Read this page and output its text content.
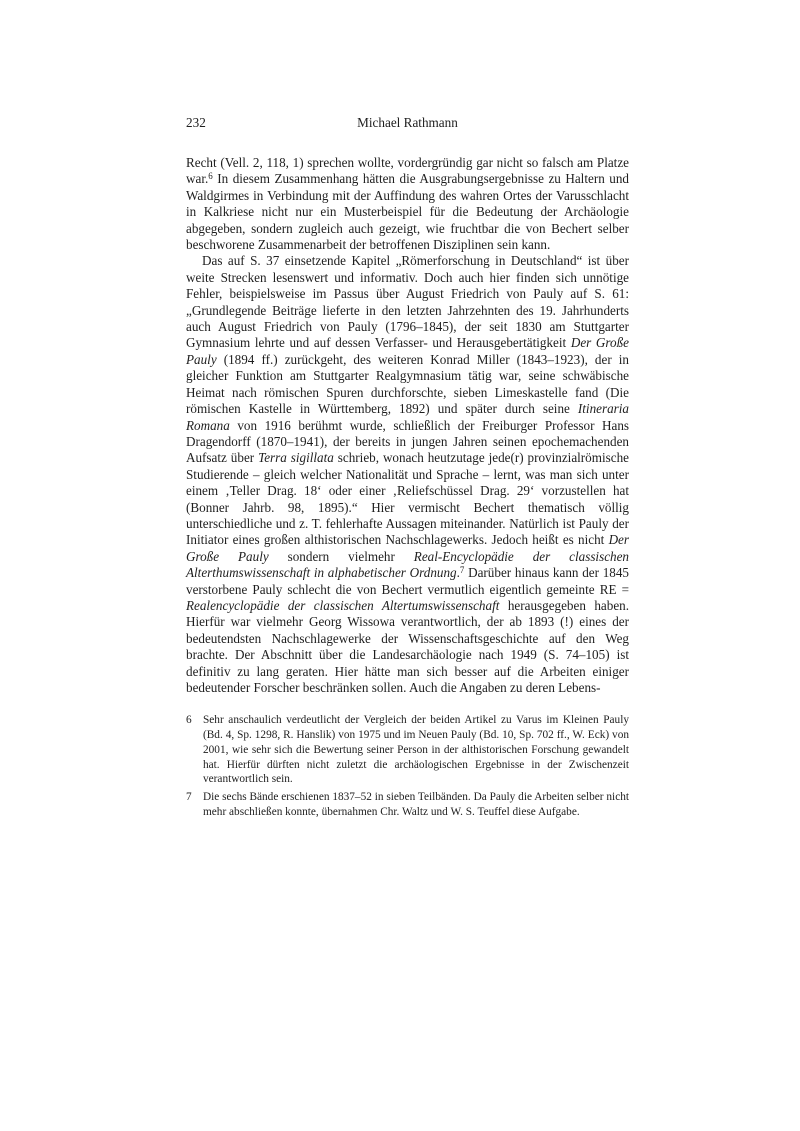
232	Michael Rathmann

Recht (Vell. 2, 118, 1) sprechen wollte, vordergründig gar nicht so falsch am Platze war.$^6$ In diesem Zusammenhang hätten die Ausgrabungsergebnisse zu Haltern und Waldgirmes in Verbindung mit der Auffindung des wahren Ortes der Varusschlacht in Kalkriese nicht nur ein Musterbeispiel für die Bedeutung der Archäologie abgegeben, sondern zugleich auch gezeigt, wie fruchtbar die von Bechert selber beschworene Zusammenarbeit der betroffenen Disziplinen sein kann.

Das auf S. 37 einsetzende Kapitel „Römerforschung in Deutschland“ ist über weite Strecken lesenswert und informativ. Doch auch hier finden sich unnötige Fehler, beispielsweise im Passus über August Friedrich von Pauly auf S. 61: „Grundlegende Beiträge lieferte in den letzten Jahrzehnten des 19. Jahrhunderts auch August Friedrich von Pauly (1796–1845), der seit 1830 am Stuttgarter Gymnasium lehrte und auf dessen Verfasser- und Herausgebertätigkeit Der Große Pauly (1894 ff.) zurückgeht, des weiteren Konrad Miller (1843–1923), der in gleicher Funktion am Stuttgarter Realgymnasium tätig war, seine schwäbische Heimat nach römischen Spuren durchforschte, sieben Limeskastelle fand (Die römischen Kastelle in Württemberg, 1892) und später durch seine Itineraria Romana von 1916 berühmt wurde, schließlich der Freiburger Professor Hans Dragendorff (1870–1941), der bereits in jungen Jahren seinen epochemachenden Aufsatz über Terra sigillata schrieb, wonach heutzutage jede(r) provinzialrömische Studierende – gleich welcher Nationalität und Sprache – lernt, was man sich unter einem ‚Teller Drag. 18‘ oder einer ‚Reliefschüssel Drag. 29‘ vorzustellen hat (Bonner Jahrb. 98, 1895).“ Hier vermischt Bechert thematisch völlig unterschiedliche und z. T. fehlerhafte Aussagen miteinander. Natürlich ist Pauly der Initiator eines großen althistorischen Nachschlagewerks. Jedoch heißt es nicht Der Große Pauly sondern vielmehr Real-Encyclopädie der classischen Alterthumswissenschaft in alphabetischer Ordnung.$^7$ Darüber hinaus kann der 1845 verstorbene Pauly schlecht die von Bechert vermutlich eigentlich gemeinte RE = Realencyclopädie der classischen Altertumswissenschaft herausgegeben haben. Hierfür war vielmehr Georg Wissowa verantwortlich, der ab 1893 (!) eines der bedeutendsten Nachschlagewerke der Wissenschaftsgeschichte auf den Weg brachte. Der Abschnitt über die Landesarchäologie nach 1949 (S. 74–105) ist definitiv zu lang geraten. Hier hätte man sich besser auf die Arbeiten einiger bedeutender Forscher beschränken sollen. Auch die Angaben zu deren Lebens-

6 Sehr anschaulich verdeutlicht der Vergleich der beiden Artikel zu Varus im Kleinen Pauly (Bd. 4, Sp. 1298, R. Hanslik) von 1975 und im Neuen Pauly (Bd. 10, Sp. 702 ff., W. Eck) von 2001, wie sehr sich die Bewertung seiner Person in der althistorischen Forschung gewandelt hat. Hierfür dürften nicht zuletzt die archäologischen Ergebnisse in der Zwischenzeit verantwortlich sein.
7 Die sechs Bände erschienen 1837–52 in sieben Teilbänden. Da Pauly die Arbeiten selber nicht mehr abschließen konnte, übernahmen Chr. Waltz und W. S. Teuffel diese Aufgabe.
